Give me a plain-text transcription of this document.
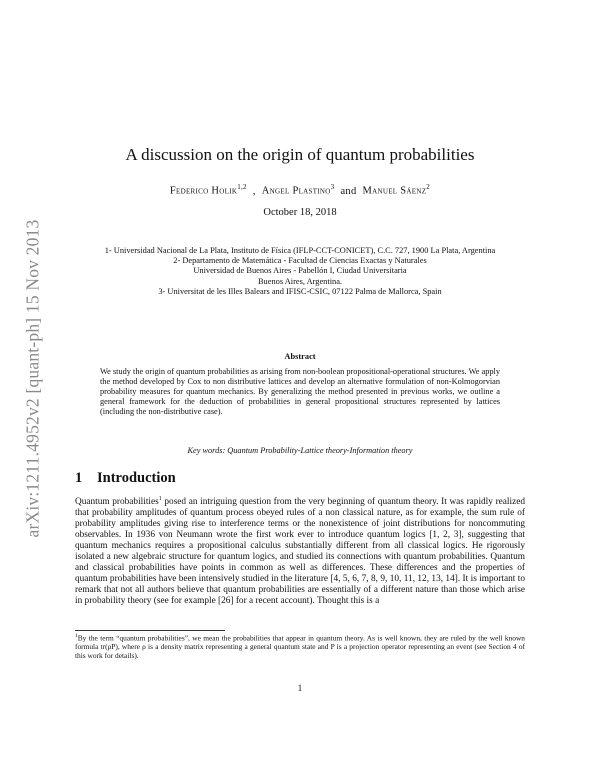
arXiv:1211.4952v2 [quant-ph] 15 Nov 2013
A discussion on the origin of quantum probabilities
Federico Holik$^{1,2}$ , Angel Plastino$^3$ and Manuel Sáenz$^2$
October 18, 2018
1- Universidad Nacional de La Plata, Instituto de Física (IFLP-CCT-CONICET), C.C. 727, 1900 La Plata, Argentina
2- Departamento de Matemática - Facultad de Ciencias Exactas y Naturales
Universidad de Buenos Aires - Pabellón I, Ciudad Universitaria
Buenos Aires, Argentina.
3- Universitat de les Illes Balears and IFISC-CSIC, 07122 Palma de Mallorca, Spain
Abstract
We study the origin of quantum probabilities as arising from non-boolean propositional-operational structures. We apply the method developed by Cox to non distributive lattices and develop an alternative formulation of non-Kolmogorvian probability measures for quantum mechanics. By generalizing the method presented in previous works, we outline a general framework for the deduction of probabilities in general propositional structures represented by lattices (including the non-distributive case).
Key words: Quantum Probability-Lattice theory-Information theory
1 Introduction
Quantum probabilities$^1$ posed an intriguing question from the very beginning of quantum theory. It was rapidly realized that probability amplitudes of quantum process obeyed rules of a non classical nature, as for example, the sum rule of probability amplitudes giving rise to interference terms or the nonexistence of joint distributions for noncommuting observables. In 1936 von Neumann wrote the first work ever to introduce quantum logics [1, 2, 3], suggesting that quantum mechanics requires a propositional calculus substantially different from all classical logics. He rigorously isolated a new algebraic structure for quantum logics, and studied its connections with quantum probabilities. Quantum and classical probabilities have points in common as well as differences. These differences and the properties of quantum probabilities have been intensively studied in the literature [4, 5, 6, 7, 8, 9, 10, 11, 12, 13, 14]. It is important to remark that not all authors believe that quantum probabilities are essentially of a different nature than those which arise in probability theory (see for example [26] for a recent account). Thought this is a
$^1$By the term “quantum probabilities”, we mean the probabilities that appear in quantum theory. As is well known, they are ruled by the well known formula tr(ρP), where ρ is a density matrix representing a general quantum state and P is a projection operator representing an event (see Section 4 of this work for details).
1
